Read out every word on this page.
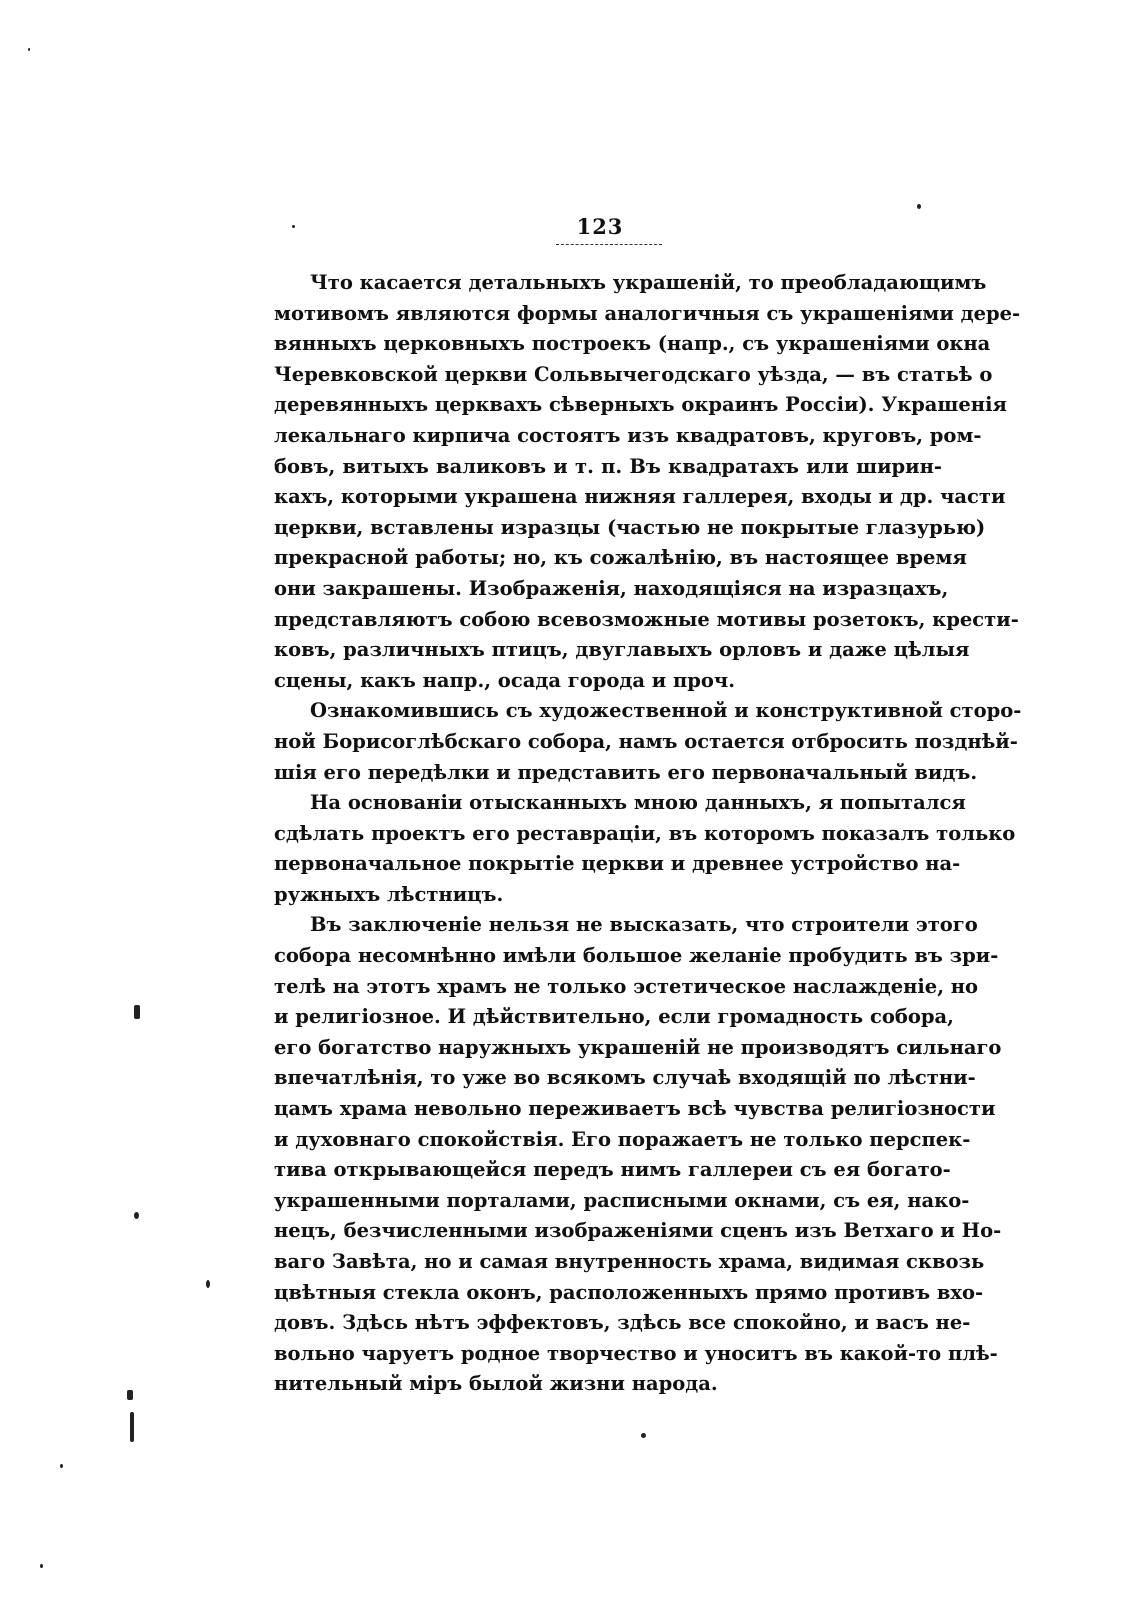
123
Что касается детальныхъ украшеній, то преобладающимъ
мотивомъ являются формы аналогичныя съ украшеніями дере-
вянныхъ церковныхъ построекъ (напр., съ украшеніями окна
Черевковской церкви Сольвычегодскаго уѣзда, — въ статьѣ о
деревянныхъ церквахъ сѣверныхъ окраинъ Россіи). Украшенія
лекальнаго кирпича состоятъ изъ квадратовъ, круговъ, ром-
бовъ, витыхъ валиковъ и т. п. Въ квадратахъ или ширин-
кахъ, которыми украшена нижняя галлерея, входы и др. части
церкви, вставлены изразцы (частью не покрытые глазурью)
прекрасной работы; но, къ сожалѣнію, въ настоящее время
они закрашены. Изображенія, находящіяся на изразцахъ,
представляютъ собою всевозможные мотивы розетокъ, крести-
ковъ, различныхъ птицъ, двуглавыхъ орловъ и даже цѣлыя
сцены, какъ напр., осада города и проч.
Ознакомившись съ художественной и конструктивной сторо-
ной Борисоглѣбскаго собора, намъ остается отбросить позднѣй-
шія его передѣлки и представить его первоначальный видъ.
На основаніи отысканныхъ мною данныхъ, я попытался
сдѣлать проектъ его реставраціи, въ которомъ показалъ только
первоначальное покрытіе церкви и древнее устройство на-
ружныхъ лѣстницъ.
Въ заключеніе нельзя не высказать, что строители этого
собора несомнѣнно имѣли большое желаніе пробудить въ зри-
телѣ на этотъ храмъ не только эстетическое наслажденіе, но
и религіозное. И дѣйствительно, если громадность собора,
его богатство наружныхъ украшеній не производятъ сильнаго
впечатлѣнія, то уже во всякомъ случаѣ входящій по лѣстни-
цамъ храма невольно переживаетъ всѣ чувства религіозности
и духовнаго спокойствія. Его поражаетъ не только перспек-
тива открывающейся передъ нимъ галлереи съ ея богато-
украшенными порталами, расписными окнами, съ ея, нако-
нецъ, безчисленными изображеніями сценъ изъ Ветхаго и Но-
ваго Завѣта, но и самая внутренность храма, видимая сквозь
цвѣтныя стекла оконъ, расположенныхъ прямо противъ вхо-
довъ. Здѣсь нѣтъ эффектовъ, здѣсь все спокойно, и васъ не-
вольно чаруетъ родное творчество и уноситъ въ какой-то плѣ-
нительный міръ былой жизни народа.
